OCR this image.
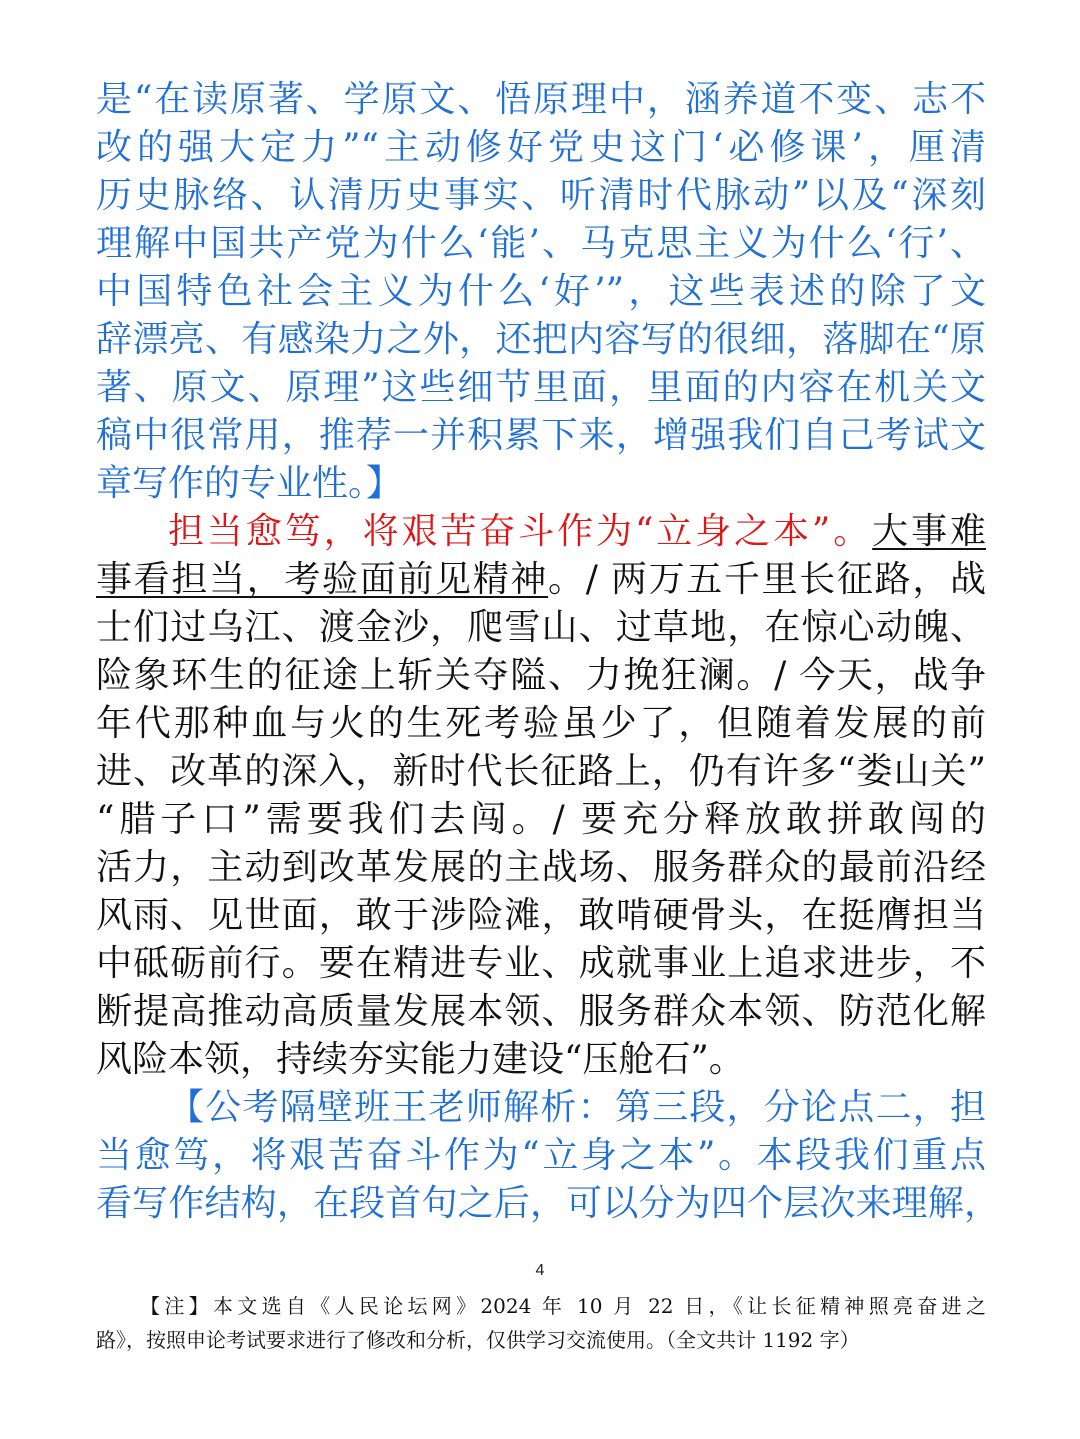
是“在读原著、学原文、悟原理中，涵养道不变、志不
改的强大定力”“主动修好党史这门‘必修课’，厘清
历史脉络、认清历史事实、听清时代脉动”以及“深刻
理解中国共产党为什么‘能’、马克思主义为什么‘行’、
中国特色社会主义为什么‘好’”，这些表述的除了文
辞漂亮、有感染力之外，还把内容写的很细，落脚在“原
著、原文、原理”这些细节里面，里面的内容在机关文
稿中很常用，推荐一并积累下来，增强我们自己考试文
章写作的专业性。】
担当愈笃，将艰苦奋斗作为“立身之本”。大事难
事看担当，考验面前见精神。/ 两万五千里长征路，战
士们过乌江、渡金沙，爬雪山、过草地，在惊心动魄、
险象环生的征途上斩关夺隘、力挽狂澜。/ 今天，战争
年代那种血与火的生死考验虽少了，但随着发展的前
进、改革的深入，新时代长征路上，仍有许多“娄山关”
“腊子口”需要我们去闯。/ 要充分释放敢拼敢闯的
活力，主动到改革发展的主战场、服务群众的最前沿经
风雨、见世面，敢于涉险滩，敢啃硬骨头，在挺膺担当
中砥砺前行。要在精进专业、成就事业上追求进步，不
断提高推动高质量发展本领、服务群众本领、防范化解
风险本领，持续夯实能力建设“压舱石”。
【公考隔壁班王老师解析：第三段，分论点二，担
当愈笃，将艰苦奋斗作为“立身之本”。本段我们重点
看写作结构，在段首句之后，可以分为四个层次来理解，
4
【注】本文选自《人民论坛网》2024 年 10 月 22 日，《让长征精神照亮奋进之
路》，按照申论考试要求进行了修改和分析，仅供学习交流使用。（全文共计 1192 字）
